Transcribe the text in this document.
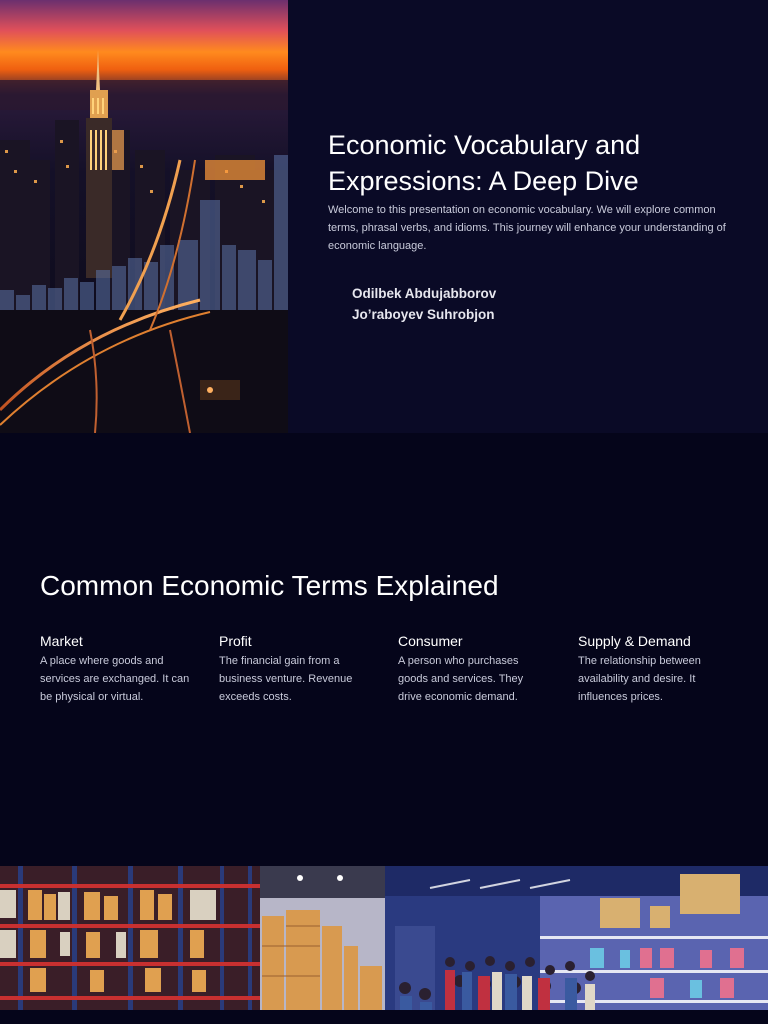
Economic Vocabulary and Expressions: A Deep Dive

Welcome to this presentation on economic vocabulary. We will explore common terms, phrasal verbs, and idioms. This journey will enhance your understanding of economic language.

Odilbek Abdujabborov
Jo’raboyev Suhrobjon
Common Economic Terms Explained
Market
A place where goods and services are exchanged. It can be physical or virtual.
Profit
The financial gain from a business venture. Revenue exceeds costs.
Consumer
A person who purchases goods and services. They drive economic demand.
Supply & Demand
The relationship between availability and desire. It influences prices.
